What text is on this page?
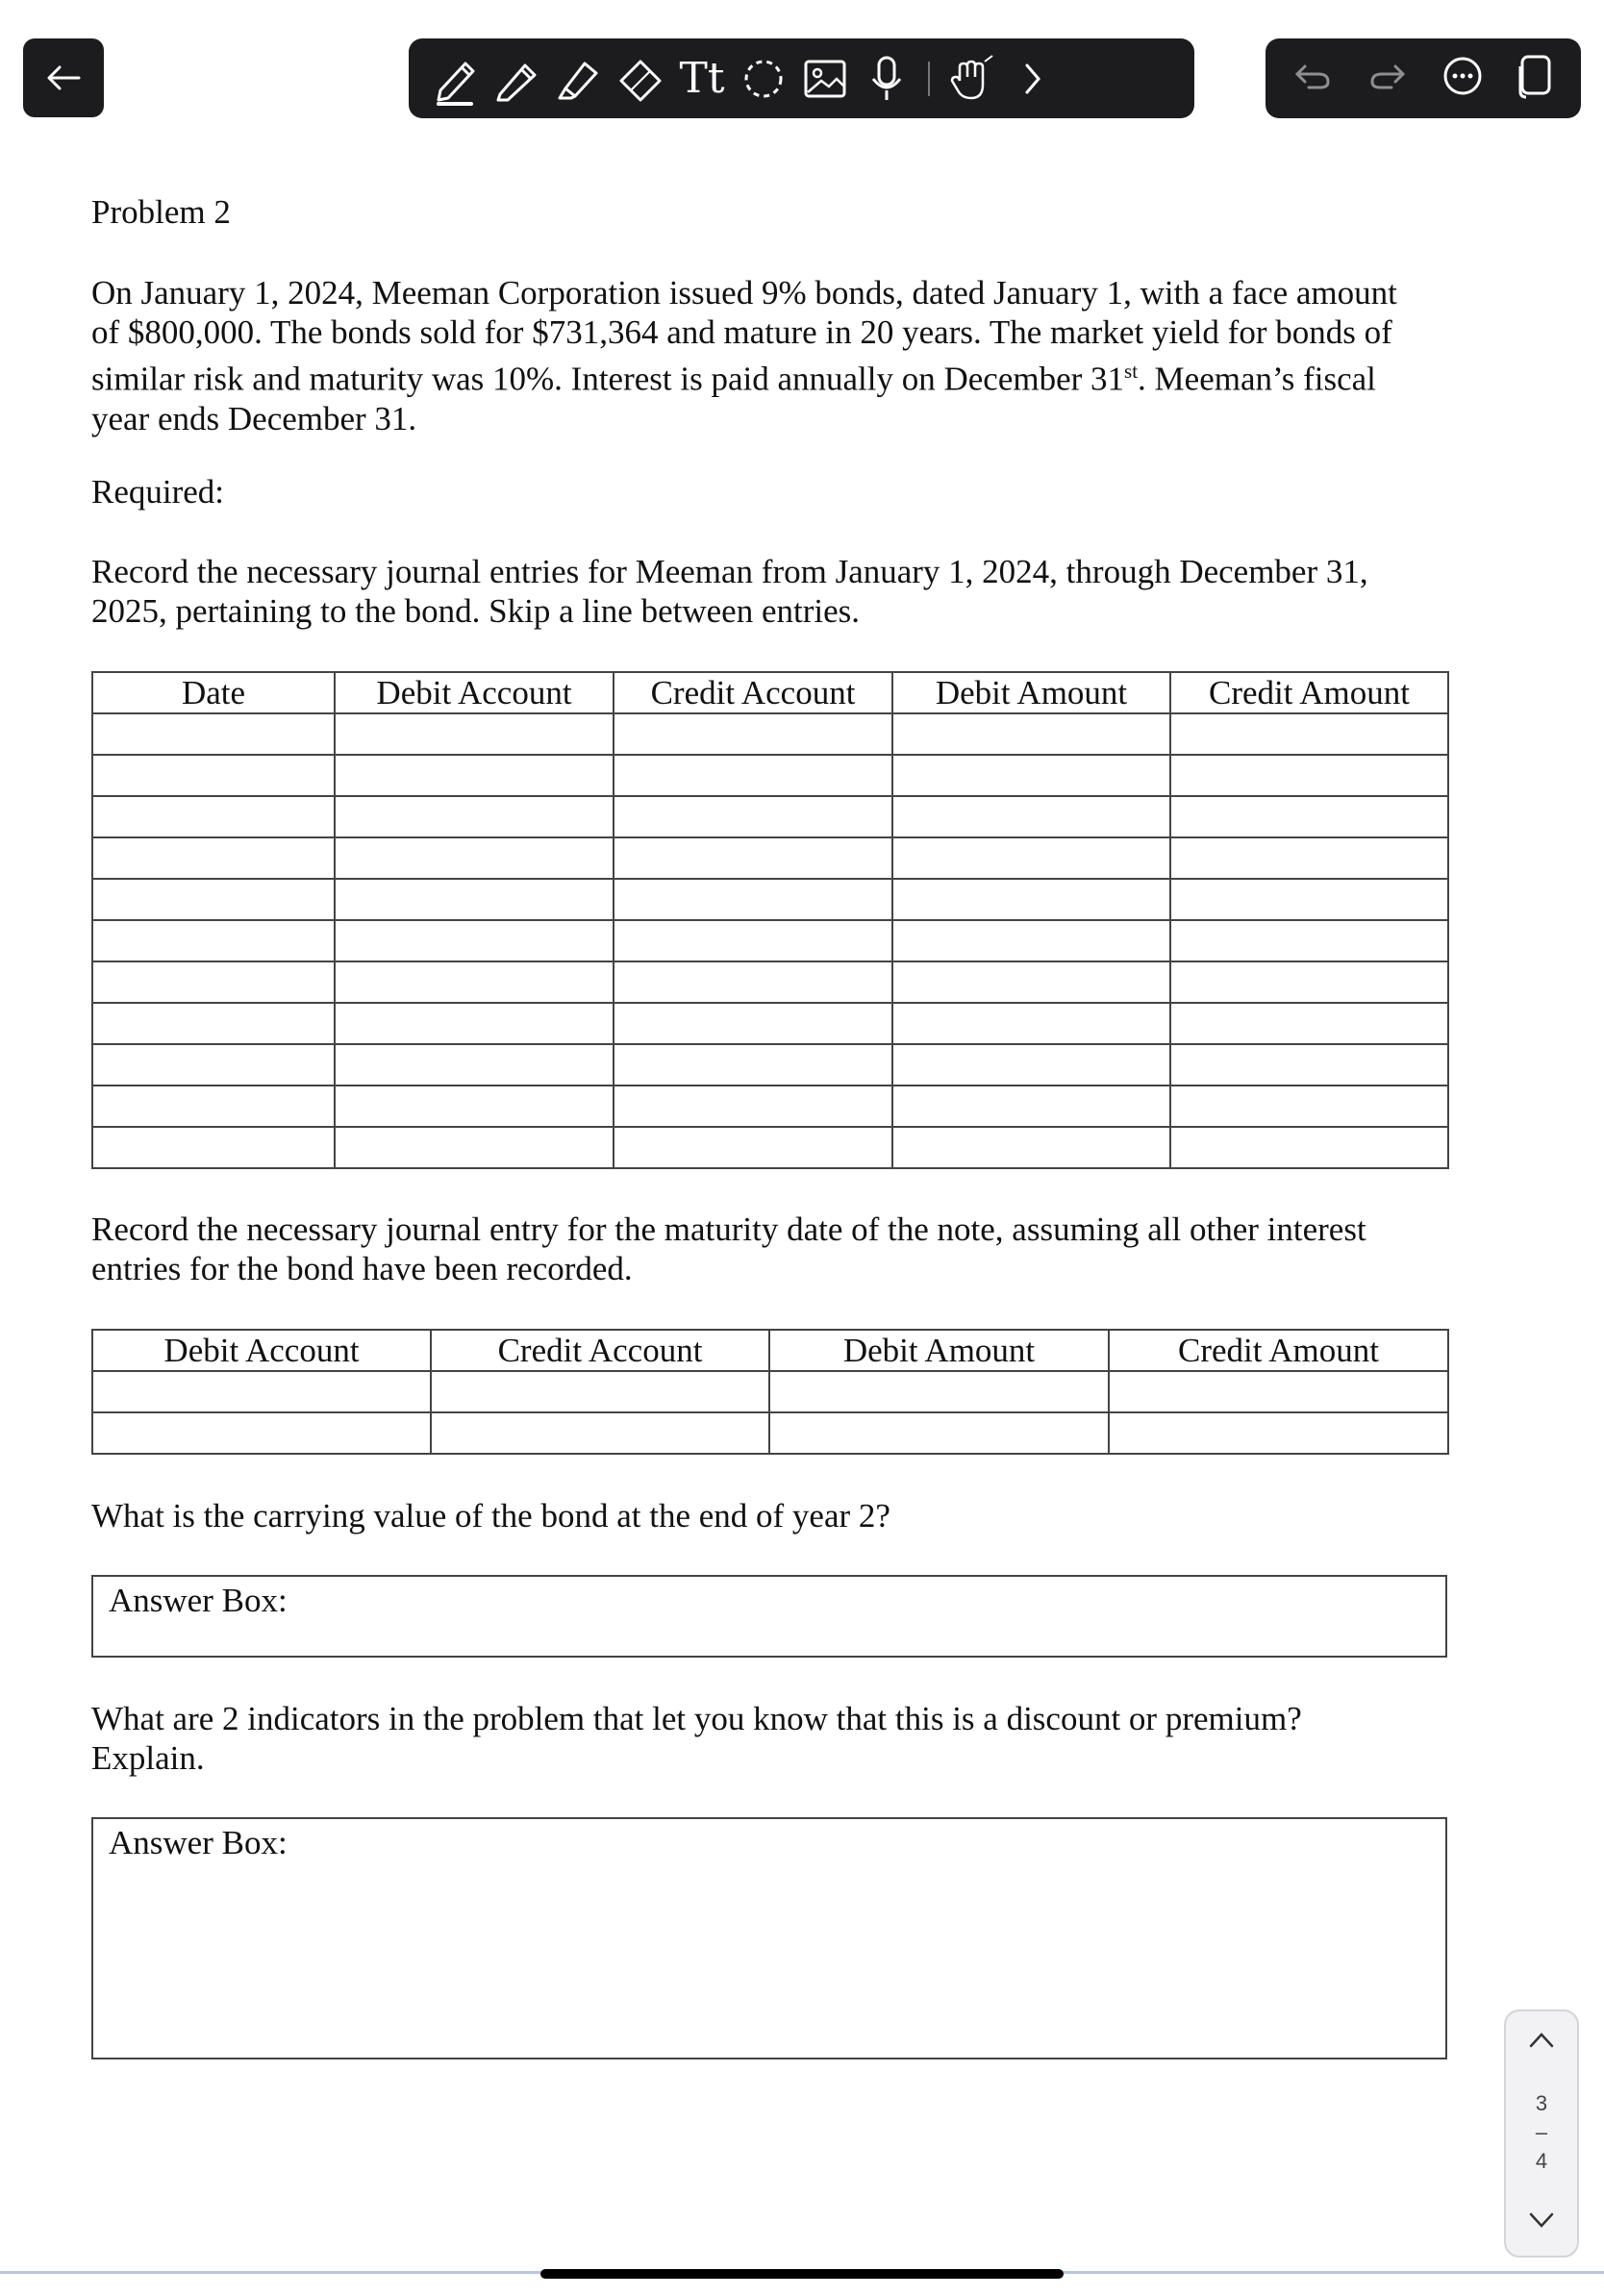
Tt

Problem 2

On January 1, 2024, Meeman Corporation issued 9% bonds, dated January 1, with a face amount
of $800,000. The bonds sold for $731,364 and mature in 20 years. The market yield for bonds of
similar risk and maturity was 10%. Interest is paid annually on December 31st. Meeman’s fiscal
year ends December 31.

Required:

Record the necessary journal entries for Meeman from January 1, 2024, through December 31,
2025, pertaining to the bond. Skip a line between entries.
Date	Debit Account	Credit Account	Debit Amount	Credit Amount

Record the necessary journal entry for the maturity date of the note, assuming all other interest
entries for the bond have been recorded.
Debit Account	Credit Account	Debit Amount	Credit Amount

What is the carrying value of the bond at the end of year 2?

Answer Box:
What are 2 indicators in the problem that let you know that this is a discount or premium?
Explain.
Answer Box:
3
–
4
